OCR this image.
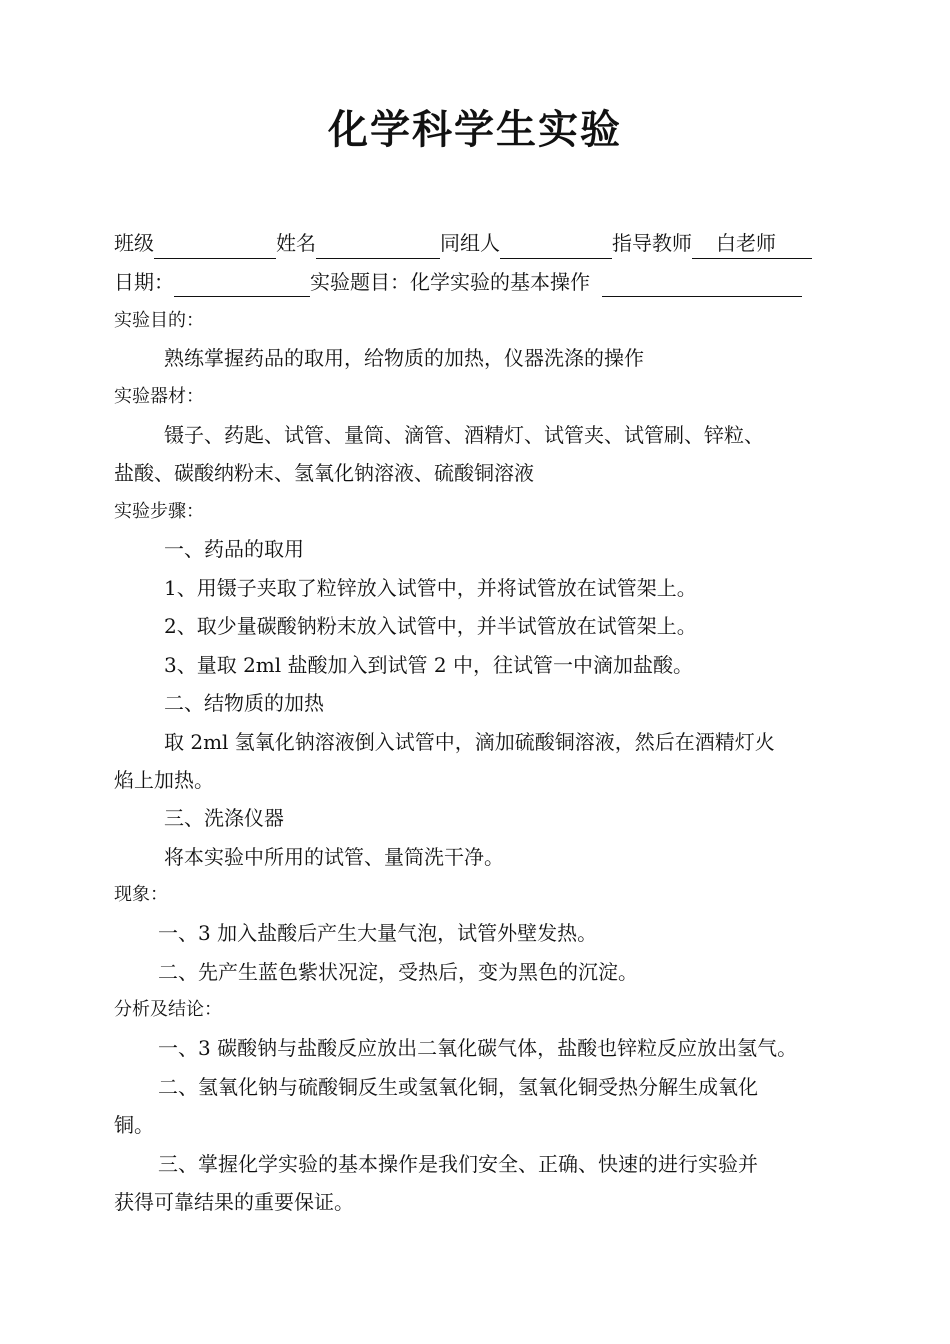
化学科学生实验
班级	姓名	同组人	指导教师 白老师
日期：	实验题目：化学实验的基本操作
实验目的：
熟练掌握药品的取用，给物质的加热，仪器洗涤的操作
实验器材：
镊子、药匙、试管、量筒、滴管、酒精灯、试管夹、试管刷、锌粒、
盐酸、碳酸纳粉末、氢氧化钠溶液、硫酸铜溶液
实验步骤：
一、药品的取用
1、用镊子夹取了粒锌放入试管中，并将试管放在试管架上。
2、取少量碳酸钠粉末放入试管中，并半试管放在试管架上。
3、量取 2ml 盐酸加入到试管 2 中，往试管一中滴加盐酸。
二、结物质的加热
取 2ml 氢氧化钠溶液倒入试管中，滴加硫酸铜溶液，然后在酒精灯火
焰上加热。
三、洗涤仪器
将本实验中所用的试管、量筒洗干净。
现象：
一、3 加入盐酸后产生大量气泡，试管外壁发热。
二、先产生蓝色紫状况淀，受热后，变为黑色的沉淀。
分析及结论：
一、3 碳酸钠与盐酸反应放出二氧化碳气体，盐酸也锌粒反应放出氢气。
二、氢氧化钠与硫酸铜反生或氢氧化铜，氢氧化铜受热分解生成氧化
铜。
三、掌握化学实验的基本操作是我们安全、正确、快速的进行实验并
获得可靠结果的重要保证。
